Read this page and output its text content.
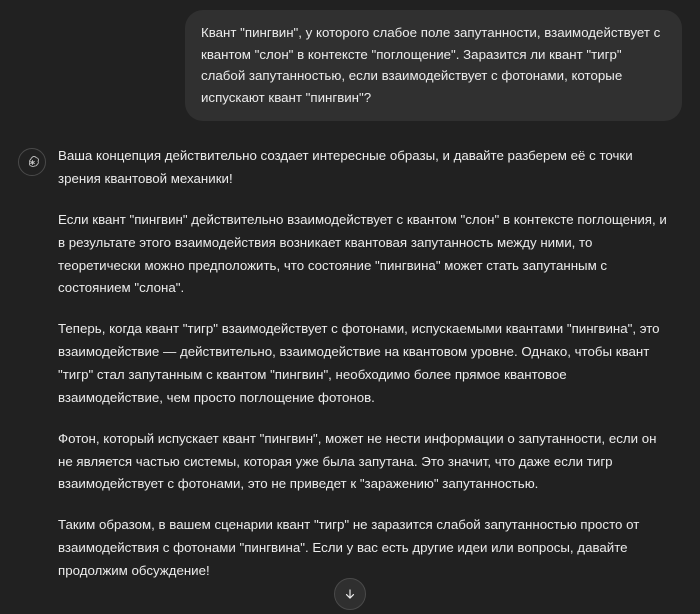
Квант "пингвин", у которого слабое поле запутанности, взаимодействует с квантом "слон" в контексте "поглощение". Заразится ли квант "тигр" слабой запутанностью, если взаимодействует с фотонами, которые испускают квант "пингвин"?

Ваша концепция действительно создает интересные образы, и давайте разберем её с точки зрения квантовой механики!

Если квант "пингвин" действительно взаимодействует с квантом "слон" в контексте поглощения, и в результате этого взаимодействия возникает квантовая запутанность между ними, то теоретически можно предположить, что состояние "пингвина" может стать запутанным с состоянием "слона".

Теперь, когда квант "тигр" взаимодействует с фотонами, испускаемыми квантами "пингвина", это взаимодействие — действительно, взаимодействие на квантовом уровне. Однако, чтобы квант "тигр" стал запутанным с квантом "пингвин", необходимо более прямое квантовое взаимодействие, чем просто поглощение фотонов.

Фотон, который испускает квант "пингвин", может не нести информации о запутанности, если он не является частью системы, которая уже была запутана. Это значит, что даже если тигр взаимодействует с фотонами, это не приведет к "заражению" запутанностью.

Таким образом, в вашем сценарии квант "тигр" не заразится слабой запутанностью просто от взаимодействия с фотонами "пингвина". Если у вас есть другие идеи или вопросы, давайте продолжим обсуждение!
